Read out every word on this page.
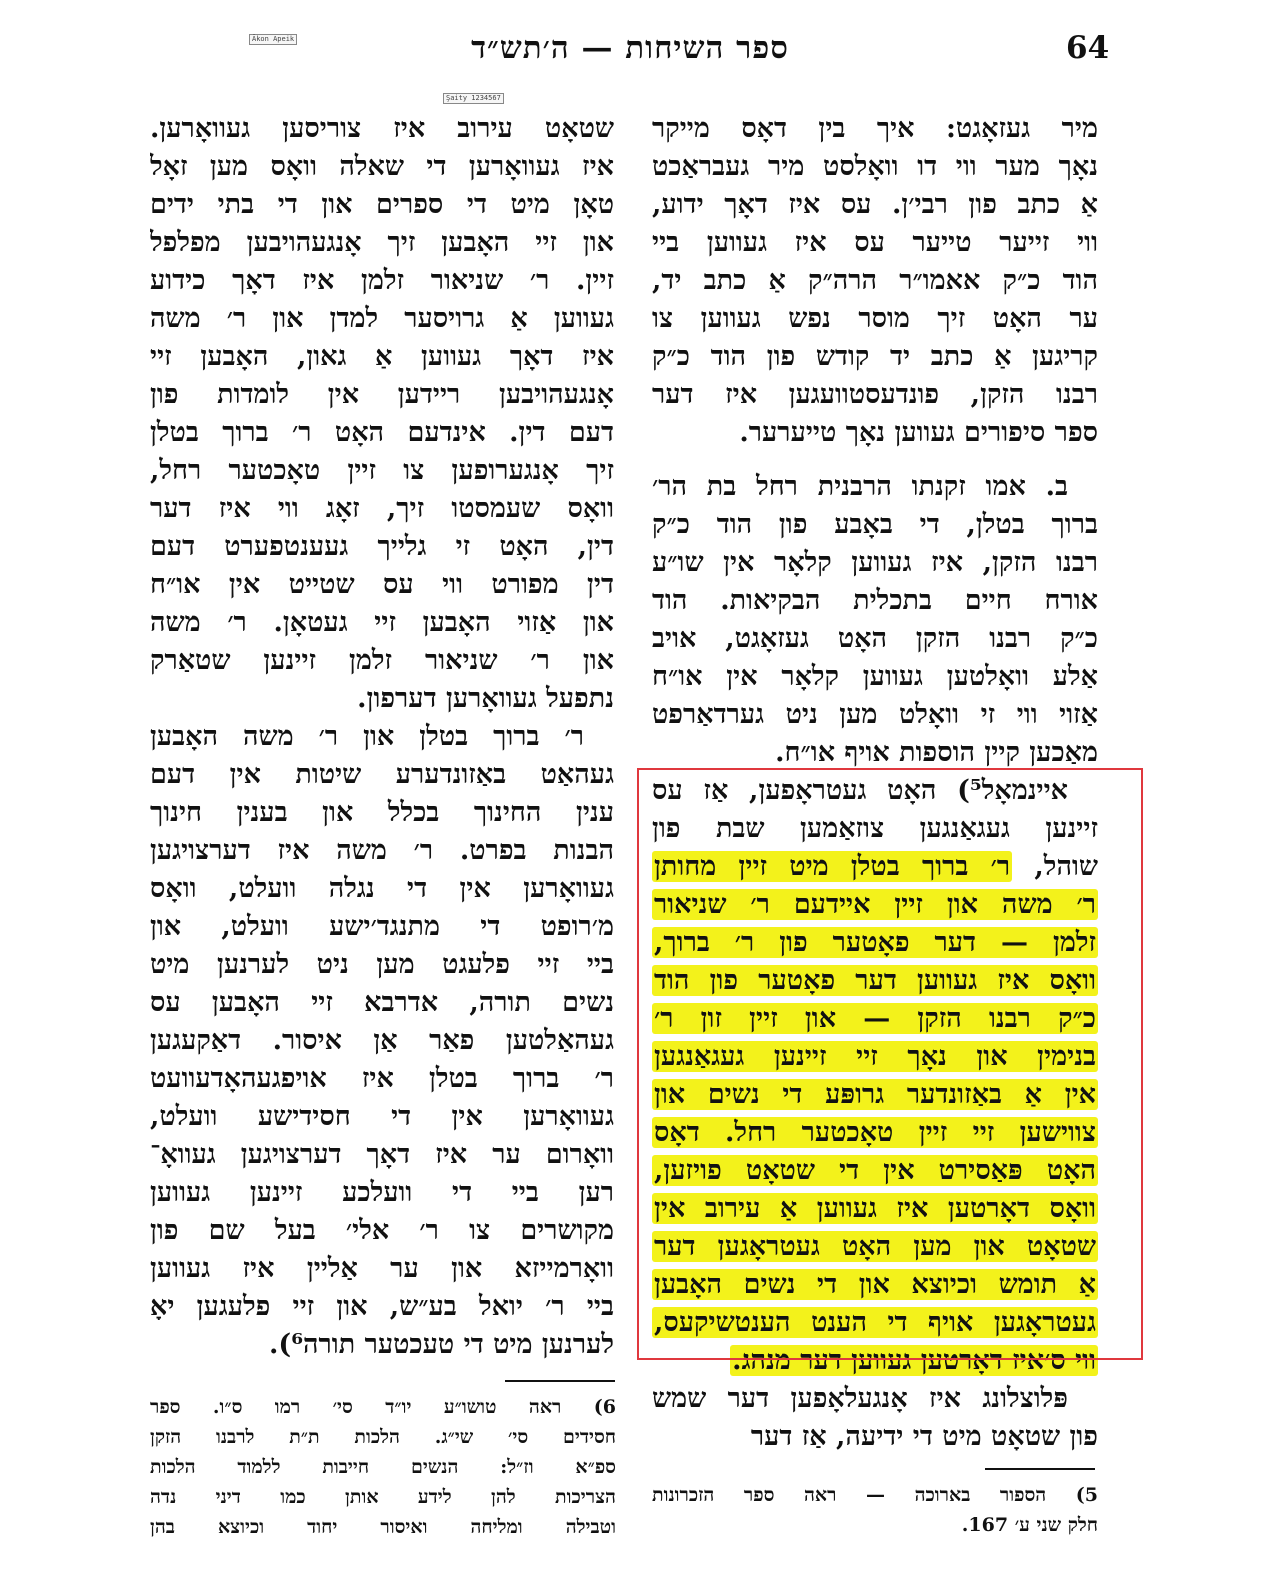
Ākon Apeik
Şaity 1234567
ספר השיחות — ה׳תש״ד	64
מיר געזאָגט: איך בין דאָס מייקר
נאָך מער ווי דו וואָלסט מיר געבראַכט
אַ כתב פון רבי׳ן. עס איז דאָך ידוע,
ווי זייער טייער עס איז געווען ביי
הוד כ״ק אאמו״ר הרה״ק אַ כתב יד,
ער האָט זיך מוסר נפש געווען צו
קריגען אַ כתב יד קודש פון הוד כ״ק
רבנו הזקן, פונדעסטוועגען איז דער
ספר סיפורים געווען נאָך טייערער.
ב. אמו זקנתו הרבנית רחל בת הר׳
ברוך בטלן, די באָבע פון הוד כ״ק
רבנו הזקן, איז געווען קלאָר אין שו״ע
אורח חיים בתכלית הבקיאות. הוד
כ״ק רבנו הזקן האָט געזאָגט, אויב
אַלע וואָלטען געווען קלאָר אין או״ח
אַזוי ווי זי וואָלט מען ניט גערדאַרפט
מאַכען קיין הוספות אויף או״ח.
איינמאָל⁵) האָט געטראָפען, אַז עס
זיינען געגאַנגען צוזאַמען שבת פון
שוהל, ר׳ ברוך בטלן מיט זיין מחותן
ר׳ משה און זיין איידעם ר׳ שניאור
זלמן — דער פאָטער פון ר׳ ברוך,
וואָס איז געווען דער פאָטער פון הוד
כ״ק רבנו הזקן — און זיין זון ר׳
בנימין און נאָך זיי זיינען געגאַנגען
אין אַ באַזונדער גרופּע די נשים און
צווישען זיי זיין טאָכטער רחל. דאָס
האָט פּאַסירט אין די שטאָט פויזען,
וואָס דאָרטען איז געווען אַ עירוב אין
שטאָט און מען האָט געטראָגען דער
אַ תומש וכיוצא און די נשים האָבען
געטראָגען אויף די הענט הענטשיקעס,
ווי ס׳איז דאָרטען געווען דער מנהג.
פּלוצלונג איז אָנגעלאָפען דער שמש
פון שטאָט מיט די ידיעה, אַז דער
שטאָט עירוב איז צוריסען געוואָרען.
איז געוואָרען די שאלה וואָס מען זאָל
טאָן מיט די ספרים און די בתי ידים
און זיי האָבען זיך אָנגעהויבען מפלפל
זיין. ר׳ שניאור זלמן איז דאָך כידוע
געווען אַ גרויסער למדן און ר׳ משה
איז דאָך געווען אַ גאון, האָבען זיי
אָנגעהויבען ריידען אין לומדות פון
דעם דין. אינדעם האָט ר׳ ברוך בטלן
זיך אָנגערופען צו זיין טאָכטער רחל,
וואָס שעמסטו זיך, זאָג ווי איז דער
דין, האָט זי גלייך געענטפערט דעם
דין מפורט ווי עס שטייט אין או״ח
און אַזוי האָבען זיי געטאָן. ר׳ משה
און ר׳ שניאור זלמן זיינען שטאַרק
נתפעל געוואָרען דערפון.
ר׳ ברוך בטלן און ר׳ משה האָבען
געהאַט באַזונדערע שיטות אין דעם
ענין החינוך בכלל און בענין חינוך
הבנות בפרט. ר׳ משה איז דערצויגען
געוואָרען אין די נגלה וועלט, וואָס
מ׳רופט די מתנגד׳ישע וועלט, און
ביי זיי פלעגט מען ניט לערנען מיט
נשים תורה, אדרבא זיי האָבען עס
געהאַלטען פאַר אַן איסור. דאַקעגען
ר׳ ברוך בטלן איז אויפגעהאָדעוועט
געוואָרען אין די חסידישע וועלט,
וואָרום ער איז דאָך דערצויגען געוואָ־
רען ביי די וועלכע זיינען געווען
מקושרים צו ר׳ אלי׳ בעל שם פון
וואָרמייזא און ער אַליין איז געווען
ביי ר׳ יואל בע״ש, און זיי פלעגען יאָ
לערנען מיט די טעכטער תורה⁶).
6) ראה טושו״ע יו״ד סי׳ רמו ס״ו. ספר
חסידים סי׳ שי״ג. הלכות ת״ת לרבנו הזקן
ספ״א וז״ל: הנשים חייבות ללמוד הלכות
הצריכות להן לידע אותן כמו דיני נדה
וטבילה ומליחה ואיסור יחוד וכיוצא בהן
5) הספור בארוכה — ראה ספר הזכרונות
חלק שני ע׳ 167.
